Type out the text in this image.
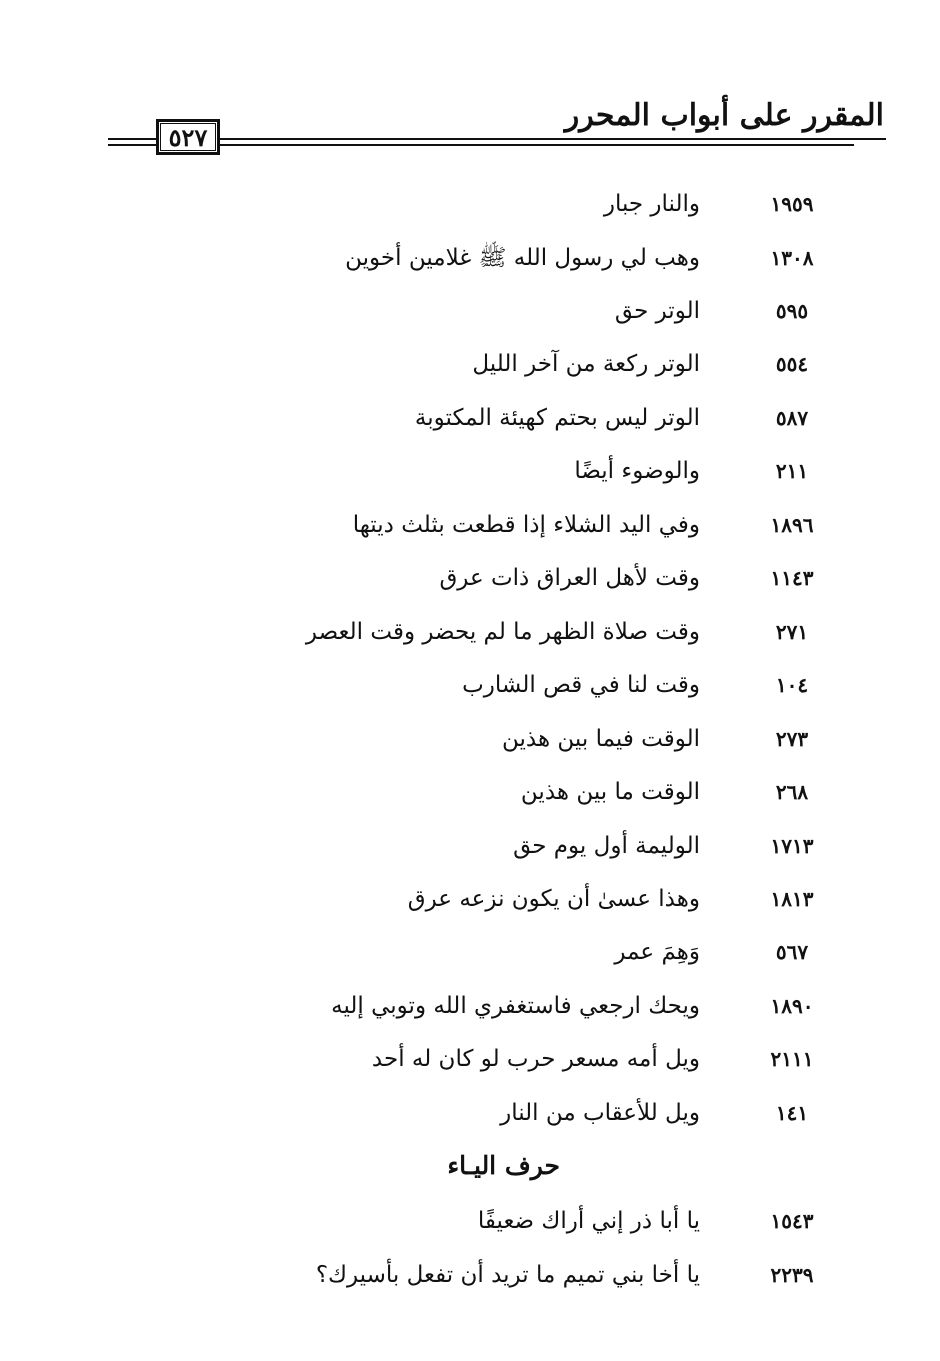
المقرر على أبواب المحرر
٥٢٧
١٩٥٩
والنار جبار
١٣٠٨
وهب لي رسول الله ﷺ غلامين أخوين
٥٩٥
الوتر حق
٥٥٤
الوتر ركعة من آخر الليل
٥٨٧
الوتر ليس بحتم كهيئة المكتوبة
٢١١
والوضوء أيضًا
١٨٩٦
وفي اليد الشلاء إذا قطعت بثلث ديتها
١١٤٣
وقت لأهل العراق ذات عرق
٢٧١
وقت صلاة الظهر ما لم يحضر وقت العصر
١٠٤
وقت لنا في قص الشارب
٢٧٣
الوقت فيما بين هذين
٢٦٨
الوقت ما بين هذين
١٧١٣
الوليمة أول يوم حق
١٨١٣
وهذا عسىٰ أن يكون نزعه عرق
٥٦٧
وَهِمَ عمر
١٨٩٠
ويحك ارجعي فاستغفري الله وتوبي إليه
٢١١١
ويل أمه مسعر حرب لو كان له أحد
١٤١
ويل للأعقاب من النار
حرف اليـاء
١٥٤٣
يا أبا ذر إني أراك ضعيفًا
٢٢٣٩
يا أخا بني تميم ما تريد أن تفعل بأسيرك؟
